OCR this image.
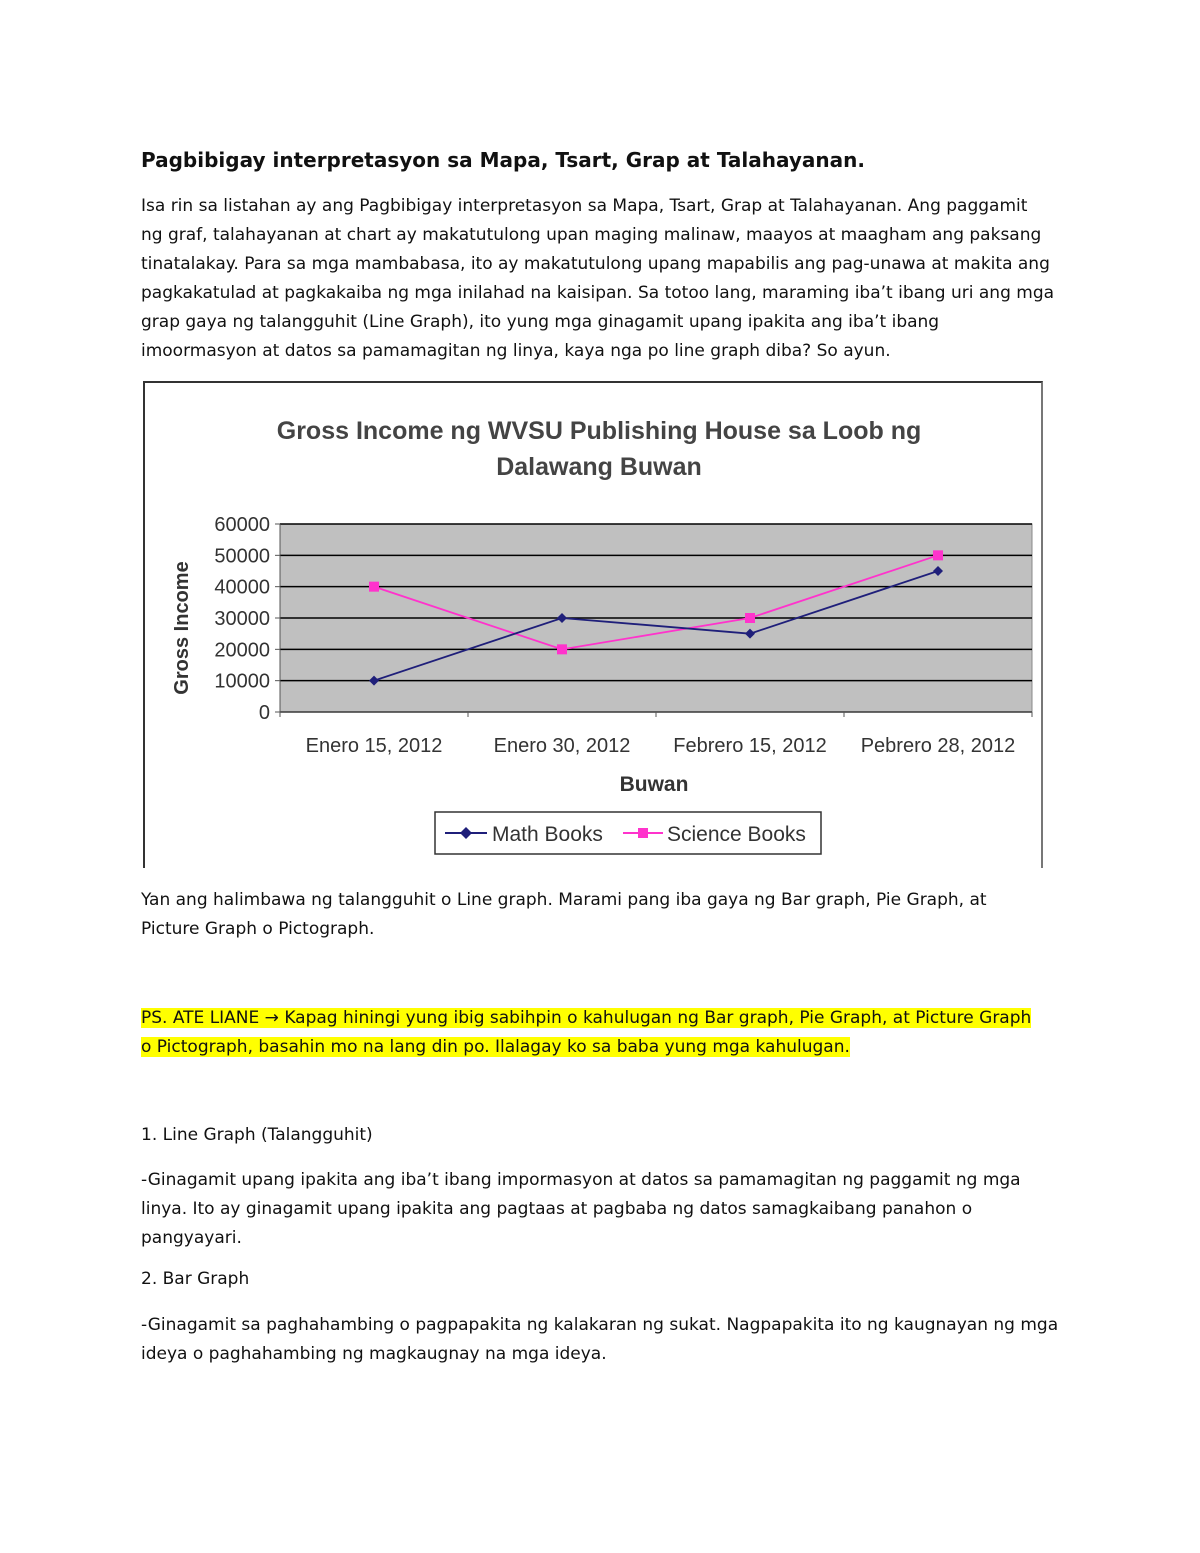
Pagbibigay interpretasyon sa Mapa, Tsart, Grap at Talahayanan.

Isa rin sa listahan ay ang Pagbibigay interpretasyon sa Mapa, Tsart, Grap at Talahayanan. Ang paggamit
ng graf, talahayanan at chart ay makatutulong upan maging malinaw, maayos at maagham ang paksang
tinatalakay. Para sa mga mambabasa, ito ay makatutulong upang mapabilis ang pag-unawa at makita ang
pagkakatulad at pagkakaiba ng mga inilahad na kaisipan. Sa totoo lang, maraming iba’t ibang uri ang mga
grap gaya ng talangguhit (Line Graph), ito yung mga ginagamit upang ipakita ang iba’t ibang
imoormasyon at datos sa pamamagitan ng linya, kaya nga po line graph diba? So ayun.

Gross Income ng WVSU Publishing House sa Loob ng
Dalawang Buwan
60000
50000
40000
30000
20000
10000
0
Enero 15, 2012	Enero 30, 2012 Febrero 15, 2012 Pebrero 28, 2012
Gross Income
Buwan
Math Books	Science Books

Yan ang halimbawa ng talangguhit o Line graph. Marami pang iba gaya ng Bar graph, Pie Graph, at
Picture Graph o Pictograph.

PS. ATE LIANE → Kapag hiningi yung ibig sabihpin o kahulugan ng Bar graph, Pie Graph, at Picture Graph
o Pictograph, basahin mo na lang din po. Ilalagay ko sa baba yung mga kahulugan.

1. Line Graph (Talangguhit)

-Ginagamit upang ipakita ang iba’t ibang impormasyon at datos sa pamamagitan ng paggamit ng mga
linya. Ito ay ginagamit upang ipakita ang pagtaas at pagbaba ng datos samagkaibang panahon o
pangyayari.

2. Bar Graph

-Ginagamit sa paghahambing o pagpapakita ng kalakaran ng sukat. Nagpapakita ito ng kaugnayan ng mga
ideya o paghahambing ng magkaugnay na mga ideya.
